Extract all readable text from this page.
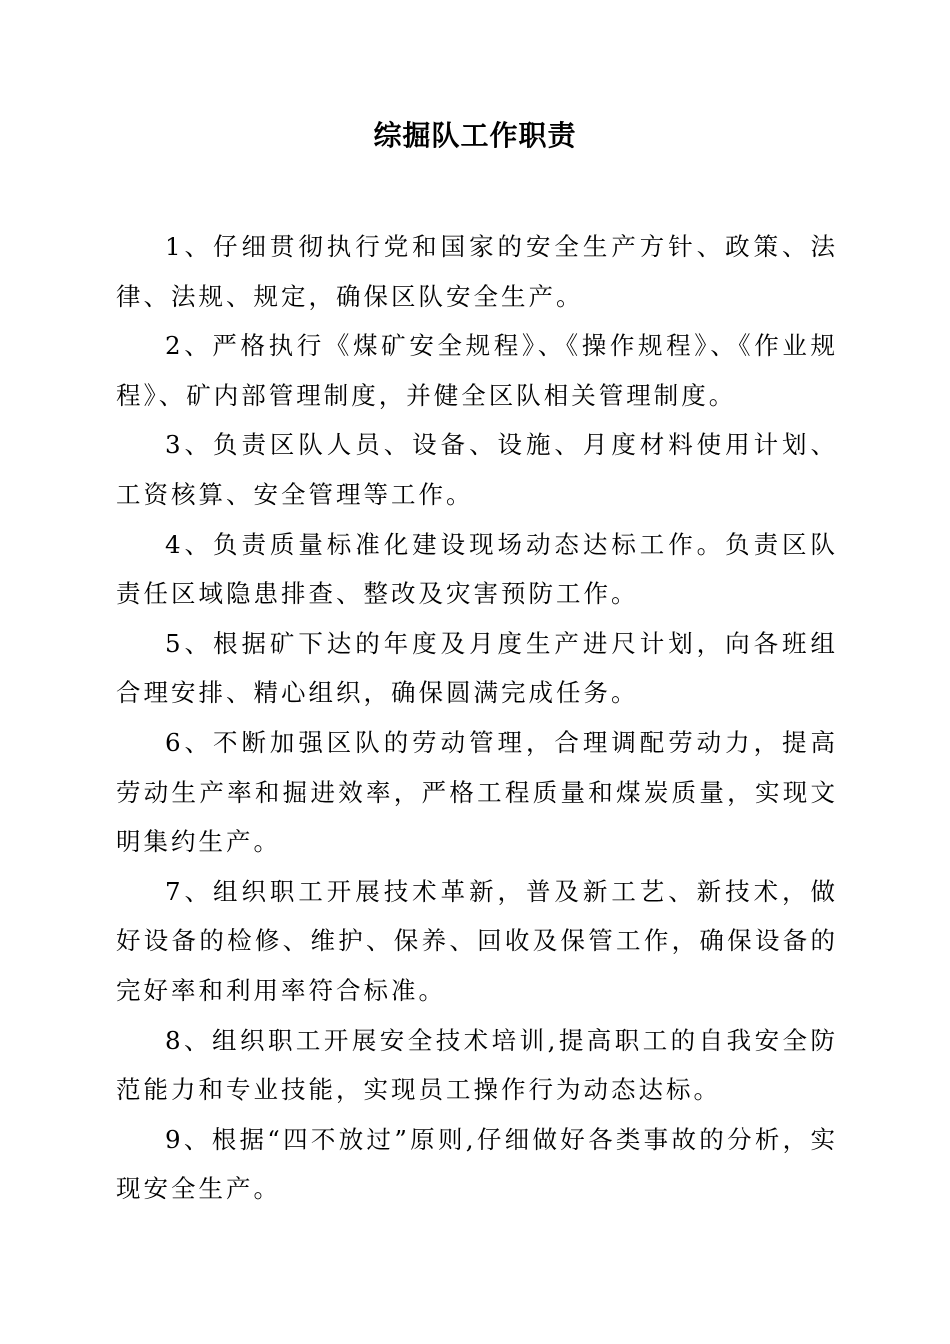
综掘队工作职责

1、仔细贯彻执行党和国家的安全生产方针、政策、法律、法规、规定，确保区队安全生产。

2、严格执行《煤矿安全规程》、《操作规程》、《作业规程》、矿内部管理制度，并健全区队相关管理制度。

3、负责区队人员、设备、设施、月度材料使用计划、工资核算、安全管理等工作。

4、负责质量标准化建设现场动态达标工作。负责区队责任区域隐患排查、整改及灾害预防工作。

5、根据矿下达的年度及月度生产进尺计划，向各班组合理安排、精心组织，确保圆满完成任务。

6、不断加强区队的劳动管理，合理调配劳动力，提高劳动生产率和掘进效率，严格工程质量和煤炭质量，实现文明集约生产。

7、组织职工开展技术革新，普及新工艺、新技术，做好设备的检修、维护、保养、回收及保管工作，确保设备的完好率和利用率符合标准。

8、组织职工开展安全技术培训,提高职工的自我安全防范能力和专业技能，实现员工操作行为动态达标。

9、根据“四不放过”原则,仔细做好各类事故的分析，实现安全生产。
